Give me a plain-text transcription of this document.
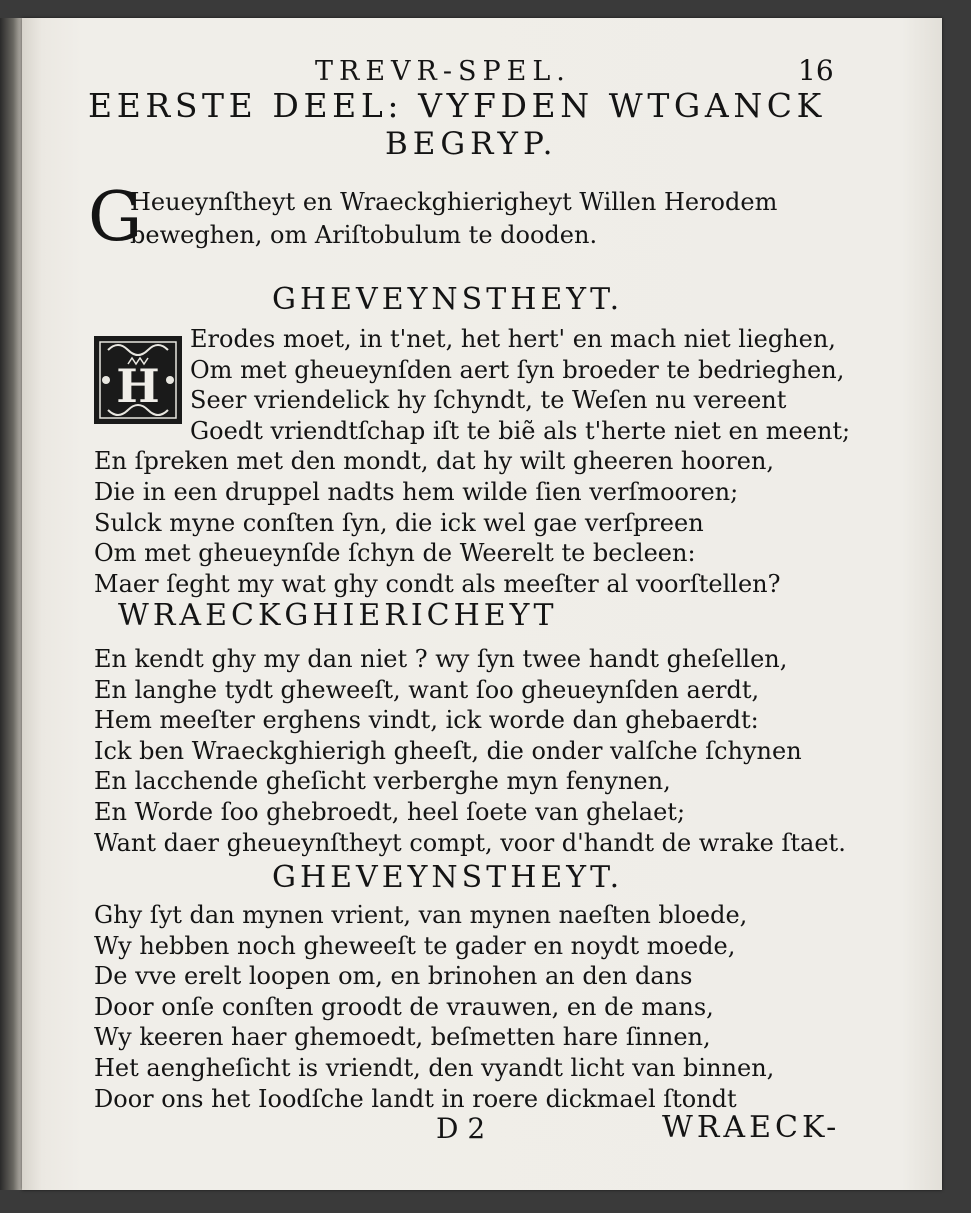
TREVR-SPEL.	16
EERSTE DEEL: VYFDEN WTGANCK
BEGRYP.
G
Heueynſtheyt en Wraeckghierigheyt Willen Herodem
beweghen, om Ariſtobulum te dooden.
GHEVEYNSTHEYT.
H
Erodes moet, in t'net, het hert' en mach niet lieghen,
Om met gheueynſden aert ſyn broeder te bedrieghen,
Seer vriendelick hy ſchyndt, te Weſen nu vereent
Goedt vriendtſchap iſt te biẽ als t'herte niet en meent;
En ſpreken met den mondt, dat hy wilt gheeren hooren,
Die in een druppel nadts hem wilde ſien verſmooren;
Sulck myne conſten ſyn, die ick wel gae verſpreen
Om met gheueynſde ſchyn de Weerelt te becleen:
Maer ſeght my wat ghy condt als meeſter al voorſtellen?
WRAECKGHIERICHEYT
En kendt ghy my dan niet ? wy ſyn twee handt gheſellen,
En langhe tydt gheweeſt, want ſoo gheueynſden aerdt,
Hem meeſter erghens vindt, ick worde dan ghebaerdt:
Ick ben Wraeckghierigh gheeſt, die onder valſche ſchynen
En lacchende gheſicht verberghe myn fenynen,
En Worde ſoo ghebroedt, heel ſoete van ghelaet;
Want daer gheueynſtheyt compt, voor d'handt de wrake ſtaet.
GHEVEYNSTHEYT.
Ghy ſyt dan mynen vrient, van mynen naeſten bloede,
Wy hebben noch gheweeſt te gader en noydt moede,
De vve erelt loopen om, en brinohen an den dans
Door onſe conſten groodt de vrauwen, en de mans,
Wy keeren haer ghemoedt, beſmetten hare ſinnen,
Het aengheſicht is vriendt, den vyandt licht van binnen,
Door ons het Ioodſche landt in roere dickmael ſtondt
D 2	WRAECK-
